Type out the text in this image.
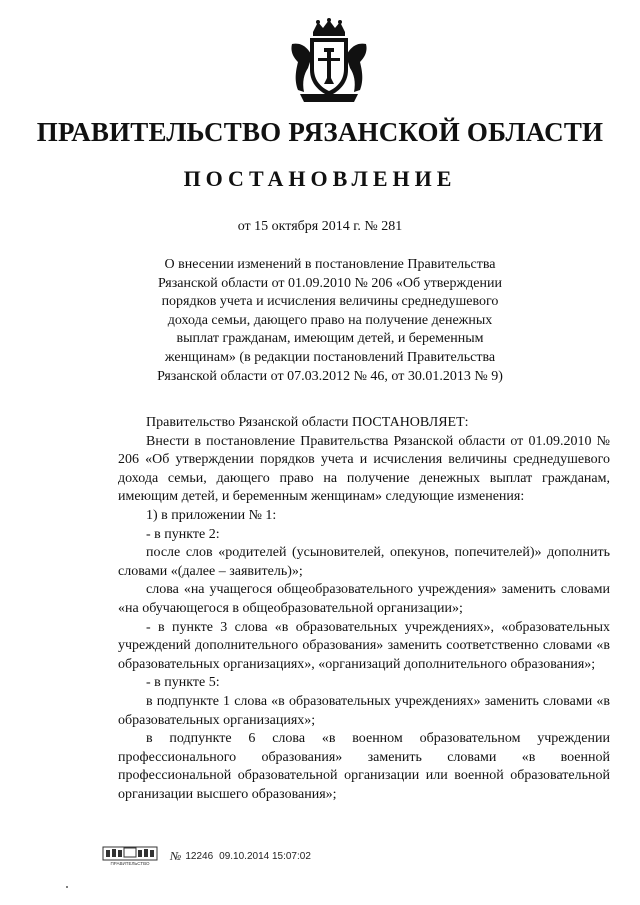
ПРАВИТЕЛЬСТВО РЯЗАНСКОЙ ОБЛАСТИ
ПОСТАНОВЛЕНИЕ

от 15 октября 2014 г. № 281

О внесении изменений в постановление Правительства
Рязанской области от 01.09.2010 № 206 «Об утверждении
порядков учета и исчисления величины среднедушевого
дохода семьи, дающего право на получение денежных
выплат гражданам, имеющим детей, и беременным
женщинам» (в редакции постановлений Правительства
Рязанской области от 07.03.2012 № 46, от 30.01.2013 № 9)

Правительство Рязанской области ПОСТАНОВЛЯЕТ:

Внести в постановление Правительства Рязанской области от 01.09.2010 № 206 «Об утверждении порядков учета и исчисления величины среднедушевого дохода семьи, дающего право на получение денежных выплат гражданам, имеющим детей, и беременным женщинам» следующие изменения:

1) в приложении № 1:

- в пункте 2:

после слов «родителей (усыновителей, опекунов, попечителей)» дополнить словами «(далее – заявитель)»;

слова «на учащегося общеобразовательного учреждения» заменить словами «на обучающегося в общеобразовательной организации»;

- в пункте 3 слова «в образовательных учреждениях», «образовательных учреждений дополнительного образования» заменить соответственно словами «в образовательных организациях», «организаций дополнительного образования»;

- в пункте 5:

в подпункте 1 слова «в образовательных учреждениях» заменить словами «в образовательных организациях»;

в подпункте 6 слова «в военном образовательном учреждении профессионального образования» заменить словами «в военной профессиональной образовательной организации или военной образовательной организации высшего образования»;

ПРАВИТЕЛЬСТВО
№ 12246 09.10.2014 15:07:02
